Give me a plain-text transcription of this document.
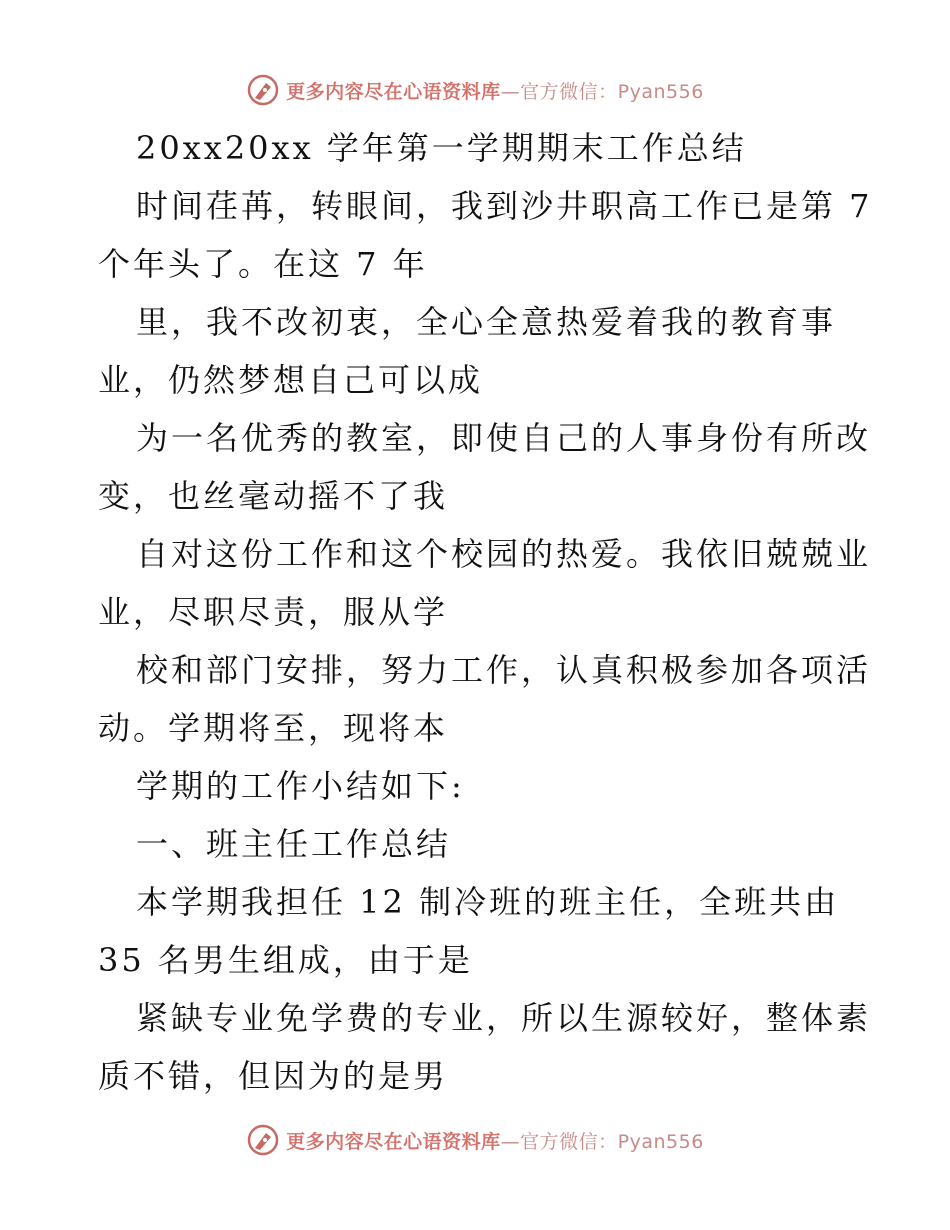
更多内容尽在心语资料库—官方微信：Pyan556
20xx20xx 学年第一学期期末工作总结
时间荏苒，转眼间，我到沙井职高工作已是第 7
个年头了。在这 7 年
里，我不改初衷，全心全意热爱着我的教育事
业，仍然梦想自己可以成
为一名优秀的教室，即使自己的人事身份有所改
变，也丝毫动摇不了我
自对这份工作和这个校园的热爱。我依旧兢兢业
业，尽职尽责，服从学
校和部门安排，努力工作，认真积极参加各项活
动。学期将至，现将本
学期的工作小结如下:
一、班主任工作总结
本学期我担任 12 制冷班的班主任，全班共由
35 名男生组成，由于是
紧缺专业免学费的专业，所以生源较好，整体素
质不错，但因为的是男
更多内容尽在心语资料库—官方微信：Pyan556
